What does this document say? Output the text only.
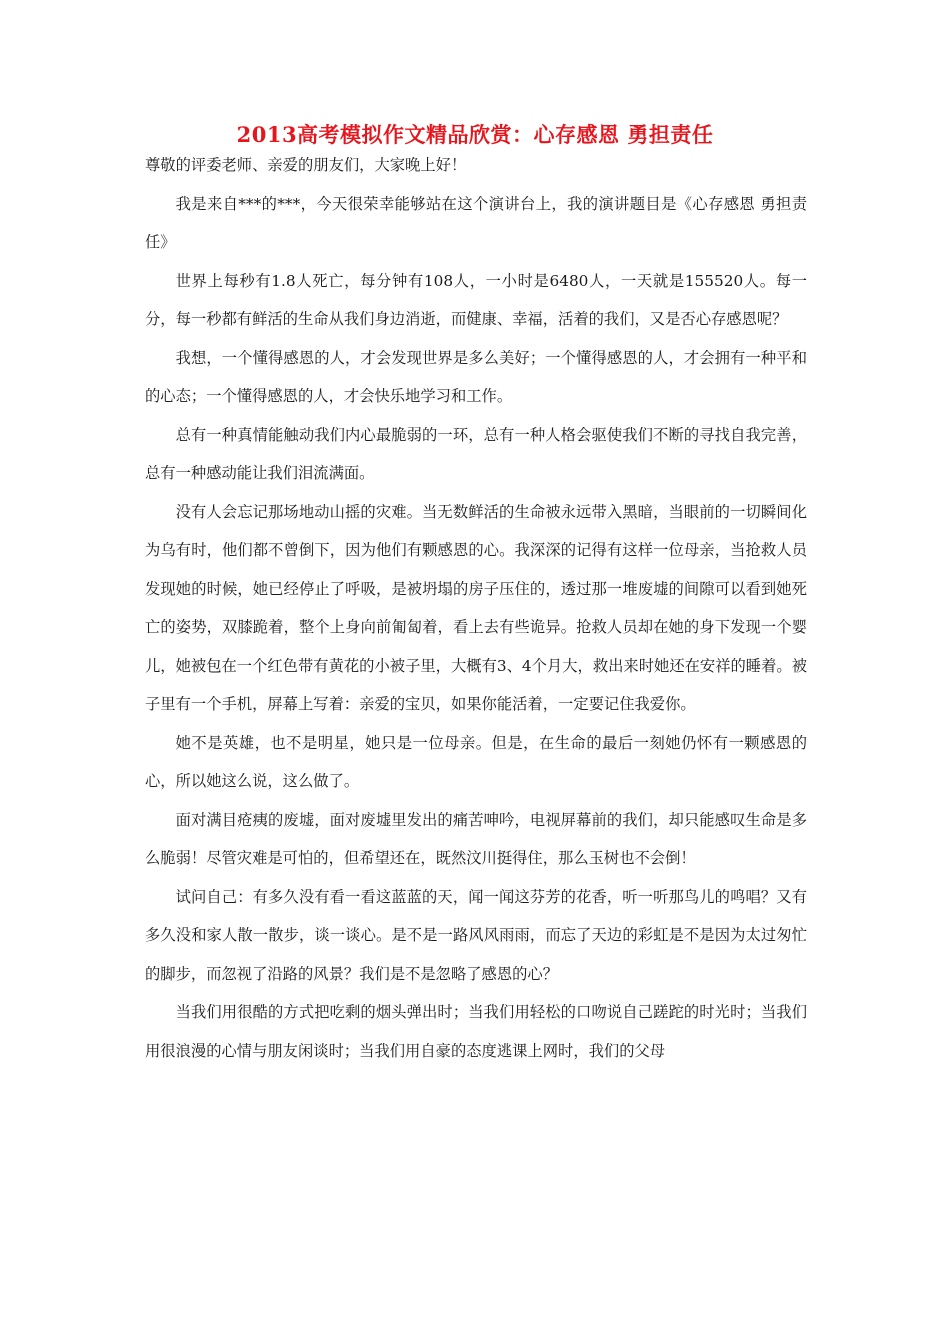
2013高考模拟作文精品欣赏：心存感恩 勇担责任

尊敬的评委老师、亲爱的朋友们，大家晚上好！

我是来自***的***，今天很荣幸能够站在这个演讲台上，我的演讲题目是《心存感恩 勇担责任》

世界上每秒有1.8人死亡，每分钟有108人，一小时是6480人，一天就是155520人。每一分，每一秒都有鲜活的生命从我们身边消逝，而健康、幸福，活着的我们，又是否心存感恩呢？

我想，一个懂得感恩的人，才会发现世界是多么美好；一个懂得感恩的人，才会拥有一种平和的心态；一个懂得感恩的人，才会快乐地学习和工作。

总有一种真情能触动我们内心最脆弱的一环，总有一种人格会驱使我们不断的寻找自我完善，总有一种感动能让我们泪流满面。

没有人会忘记那场地动山摇的灾难。当无数鲜活的生命被永远带入黑暗，当眼前的一切瞬间化为乌有时，他们都不曾倒下，因为他们有颗感恩的心。我深深的记得有这样一位母亲，当抢救人员发现她的时候，她已经停止了呼吸，是被坍塌的房子压住的，透过那一堆废墟的间隙可以看到她死亡的姿势，双膝跪着，整个上身向前匍匐着，看上去有些诡异。抢救人员却在她的身下发现一个婴儿，她被包在一个红色带有黄花的小被子里，大概有3、4个月大，救出来时她还在安祥的睡着。被子里有一个手机，屏幕上写着：亲爱的宝贝，如果你能活着，一定要记住我爱你。

她不是英雄，也不是明星，她只是一位母亲。但是，在生命的最后一刻她仍怀有一颗感恩的心，所以她这么说，这么做了。

面对满目疮痍的废墟，面对废墟里发出的痛苦呻吟，电视屏幕前的我们，却只能感叹生命是多么脆弱！尽管灾难是可怕的，但希望还在，既然汶川挺得住，那么玉树也不会倒！

试问自己：有多久没有看一看这蓝蓝的天，闻一闻这芬芳的花香，听一听那鸟儿的鸣唱？又有多久没和家人散一散步，谈一谈心。是不是一路风风雨雨，而忘了天边的彩虹是不是因为太过匆忙的脚步，而忽视了沿路的风景？我们是不是忽略了感恩的心？

当我们用很酷的方式把吃剩的烟头弹出时；当我们用轻松的口吻说自己蹉跎的时光时；当我们用很浪漫的心情与朋友闲谈时；当我们用自豪的态度逃课上网时，我们的父母
